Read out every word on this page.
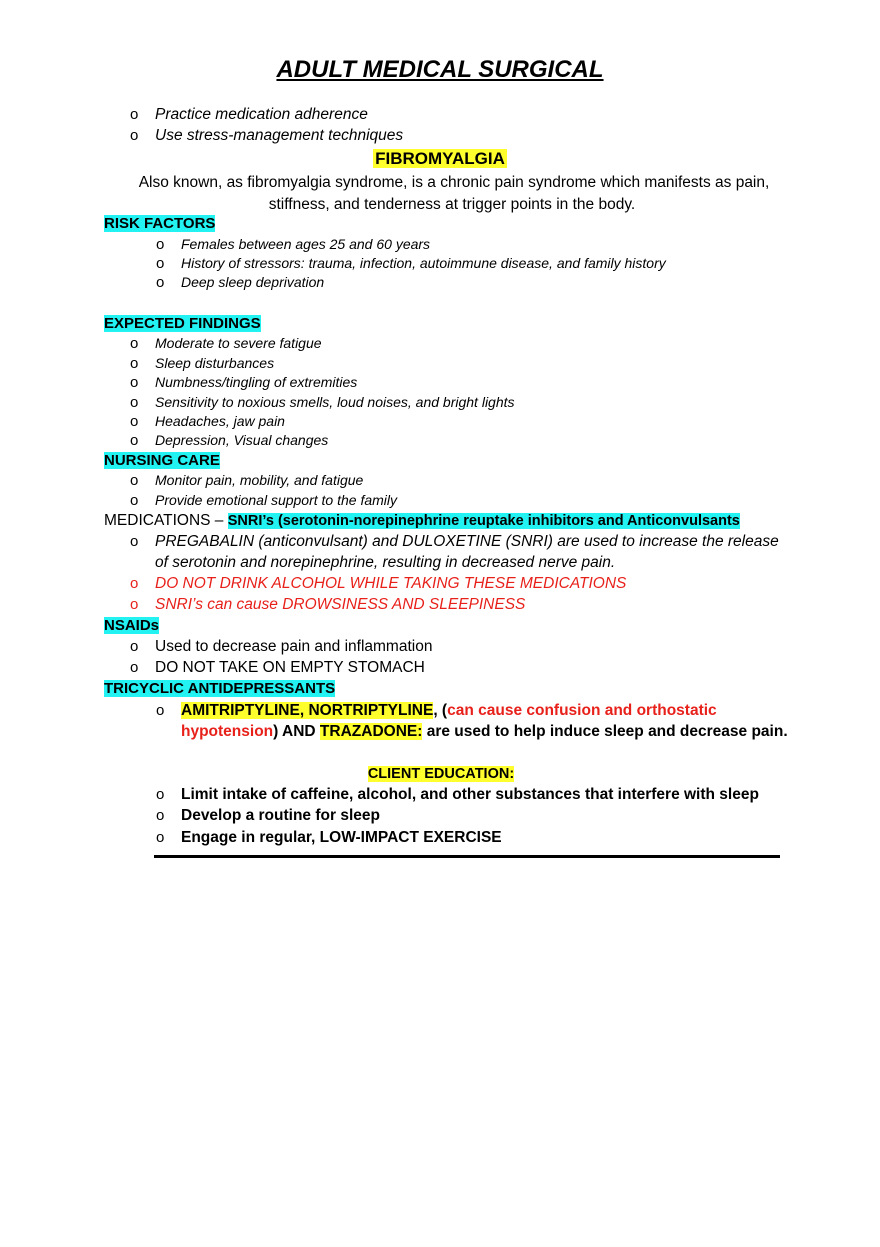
ADULT MEDICAL SURGICAL
o Practice medication adherence
o Use stress-management techniques
FIBROMYALGIA
Also known, as fibromyalgia syndrome, is a chronic pain syndrome which manifests as pain,
stiffness, and tenderness at trigger points in the body.
RISK FACTORS
o Females between ages 25 and 60 years
o History of stressors: trauma, infection, autoimmune disease, and family history
o Deep sleep deprivation
EXPECTED FINDINGS
o Moderate to severe fatigue
o Sleep disturbances
o Numbness/tingling of extremities
o Sensitivity to noxious smells, loud noises, and bright lights
o Headaches, jaw pain
o Depression, Visual changes
NURSING CARE
o Monitor pain, mobility, and fatigue
o Provide emotional support to the family
MEDICATIONS – SNRI’s (serotonin-norepinephrine reuptake inhibitors and Anticonvulsants
o PREGABALIN (anticonvulsant) and DULOXETINE (SNRI) are used to increase the release
of serotonin and norepinephrine, resulting in decreased nerve pain.
o DO NOT DRINK ALCOHOL WHILE TAKING THESE MEDICATIONS
o SNRI’s can cause DROWSINESS AND SLEEPINESS
NSAIDs
o Used to decrease pain and inflammation
o DO NOT TAKE ON EMPTY STOMACH
TRICYCLIC ANTIDEPRESSANTS
o AMITRIPTYLINE, NORTRIPTYLINE, (can cause confusion and orthostatic
hypotension) AND TRAZADONE: are used to help induce sleep and decrease pain.
CLIENT EDUCATION:
o Limit intake of caffeine, alcohol, and other substances that interfere with sleep
o Develop a routine for sleep
o Engage in regular, LOW-IMPACT EXERCISE
